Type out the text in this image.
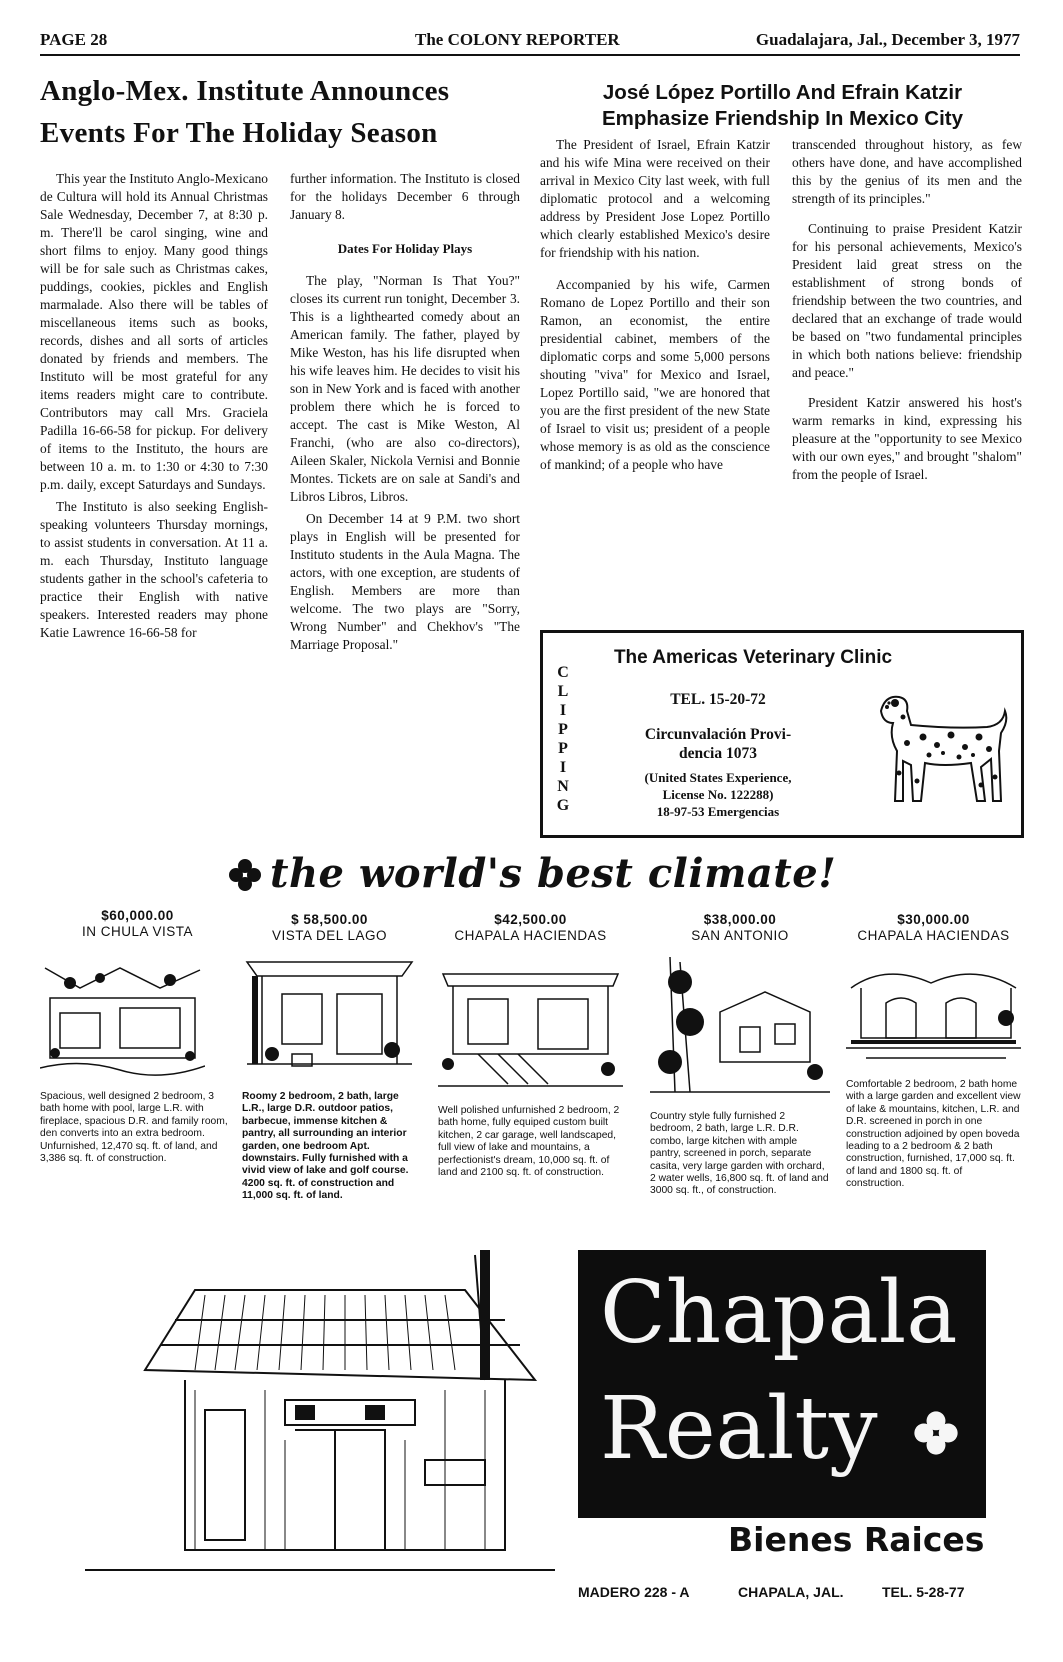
PAGE 28	The COLONY REPORTER	Guadalajara, Jal., December 3, 1977
Anglo-Mex. Institute Announces
Events For The Holiday Season

This year the Instituto Anglo-Mexicano de Cultura will hold its Annual Christmas Sale Wednesday, December 7, at 8:30 p. m. There'll be carol singing, wine and short films to enjoy. Many good things will be for sale such as Christmas cakes, puddings, cookies, pickles and English marmalade. Also there will be tables of miscellaneous items such as books, records, dishes and all sorts of articles donated by friends and members. The Instituto will be most grateful for any items readers might care to contribute. Contributors may call Mrs. Graciela Padilla 16-66-58 for pickup. For delivery of items to the Instituto, the hours are between 10 a. m. to 1:30 or 4:30 to 7:30 p.m. daily, except Saturdays and Sundays.

The Instituto is also seeking English-speaking volunteers Thursday mornings, to assist students in conversation. At 11 a. m. each Thursday, Instituto language students gather in the school's cafeteria to practice their English with native speakers. Interested readers may phone Katie Lawrence 16-66-58 for

further information. The Instituto is closed for the holidays December 6 through January 8.

Dates For Holiday Plays

The play, "Norman Is That You?" closes its current run tonight, December 3. This is a lighthearted comedy about an American family. The father, played by Mike Weston, has his life disrupted when his wife leaves him. He decides to visit his son in New York and is faced with another problem there which he is forced to accept. The cast is Mike Weston, Al Franchi, (who are also co-directors), Aileen Skaler, Nickola Vernisi and Bonnie Montes. Tickets are on sale at Sandi's and Libros Libros, Libros.

On December 14 at 9 P.M. two short plays in English will be presented for Instituto students in the Aula Magna. The actors, with one exception, are students of English. Members are more than welcome. The two plays are "Sorry, Wrong Number" and Chekhov's "The Marriage Proposal."

José López Portillo And Efrain Katzir
Emphasize Friendship In Mexico City

The President of Israel, Efrain Katzir and his wife Mina were received on their arrival in Mexico City last week, with full diplomatic protocol and a welcoming address by President Jose Lopez Portillo which clearly established Mexico's desire for friendship with his nation.

Accompanied by his wife, Carmen Romano de Lopez Portillo and their son Ramon, an economist, the entire presidential cabinet, members of the diplomatic corps and some 5,000 persons shouting "viva" for Mexico and Israel, Lopez Portillo said, "we are honored that you are the first president of the new State of Israel to visit us; president of a people whose memory is as old as the conscience of mankind; of a people who have

transcended throughout history, as few others have done, and have accomplished this by the genius of its men and the strength of its principles."

Continuing to praise President Katzir for his personal achievements, Mexico's President laid great stress on the establishment of strong bonds of friendship between the two countries, and declared that an exchange of trade would be based on "two fundamental principles in which both nations believe: friendship and peace."

President Katzir answered his host's warm remarks in kind, expressing his pleasure at the "opportunity to see Mexico with our own eyes," and brought "shalom" from the people of Israel.

C
L
I
P
P
I
N
G
The Americas Veterinary Clinic
TEL. 15-20-72
Circunvalación Provi-
dencia 1073
(United States Experience,
License No. 122288)
18-97-53 Emergencias
the world's best climate!
$60,000.00
IN CHULA VISTA
Spacious, well designed 2 bedroom, 3 bath home with pool, large L.R. with fireplace, spacious D.R. and family room, den converts into an extra bedroom. Unfurnished, 12,470 sq. ft. of land, and 3,386 sq. ft. of construction.
$ 58,500.00
VISTA DEL LAGO
Roomy 2 bedroom, 2 bath, large L.R., large D.R. outdoor patios, barbecue, immense kitchen & pantry, all surrounding an interior garden, one bedroom Apt. downstairs. Fully furnished with a vivid view of lake and golf course. 4200 sq. ft. of construction and 11,000 sq. ft. of land.
$42,500.00
CHAPALA HACIENDAS
Well polished unfurnished 2 bedroom, 2 bath home, fully equiped custom built kitchen, 2 car garage, well landscaped, full view of lake and mountains, a perfectionist's dream, 10,000 sq. ft. of land and 2100 sq. ft. of construction.
$38,000.00
SAN ANTONIO
Country style fully furnished 2 bedroom, 2 bath, large L.R. D.R. combo, large kitchen with ample pantry, screened in porch, separate casita, very large garden with orchard, 2 water wells, 16,800 sq. ft. of land and 3000 sq. ft., of construction.
$30,000.00
CHAPALA HACIENDAS
Comfortable 2 bedroom, 2 bath home with a large garden and excellent view of lake & mountains, kitchen, L.R. and D.R. screened in porch in one construction adjoined by open boveda leading to a 2 bedroom & 2 bath construction, furnished, 17,000 sq. ft. of land and 1800 sq. ft. of construction.
Chapala
Realty
Bienes Raices
MADERO 228 - A	CHAPALA, JAL.	TEL. 5-28-77
